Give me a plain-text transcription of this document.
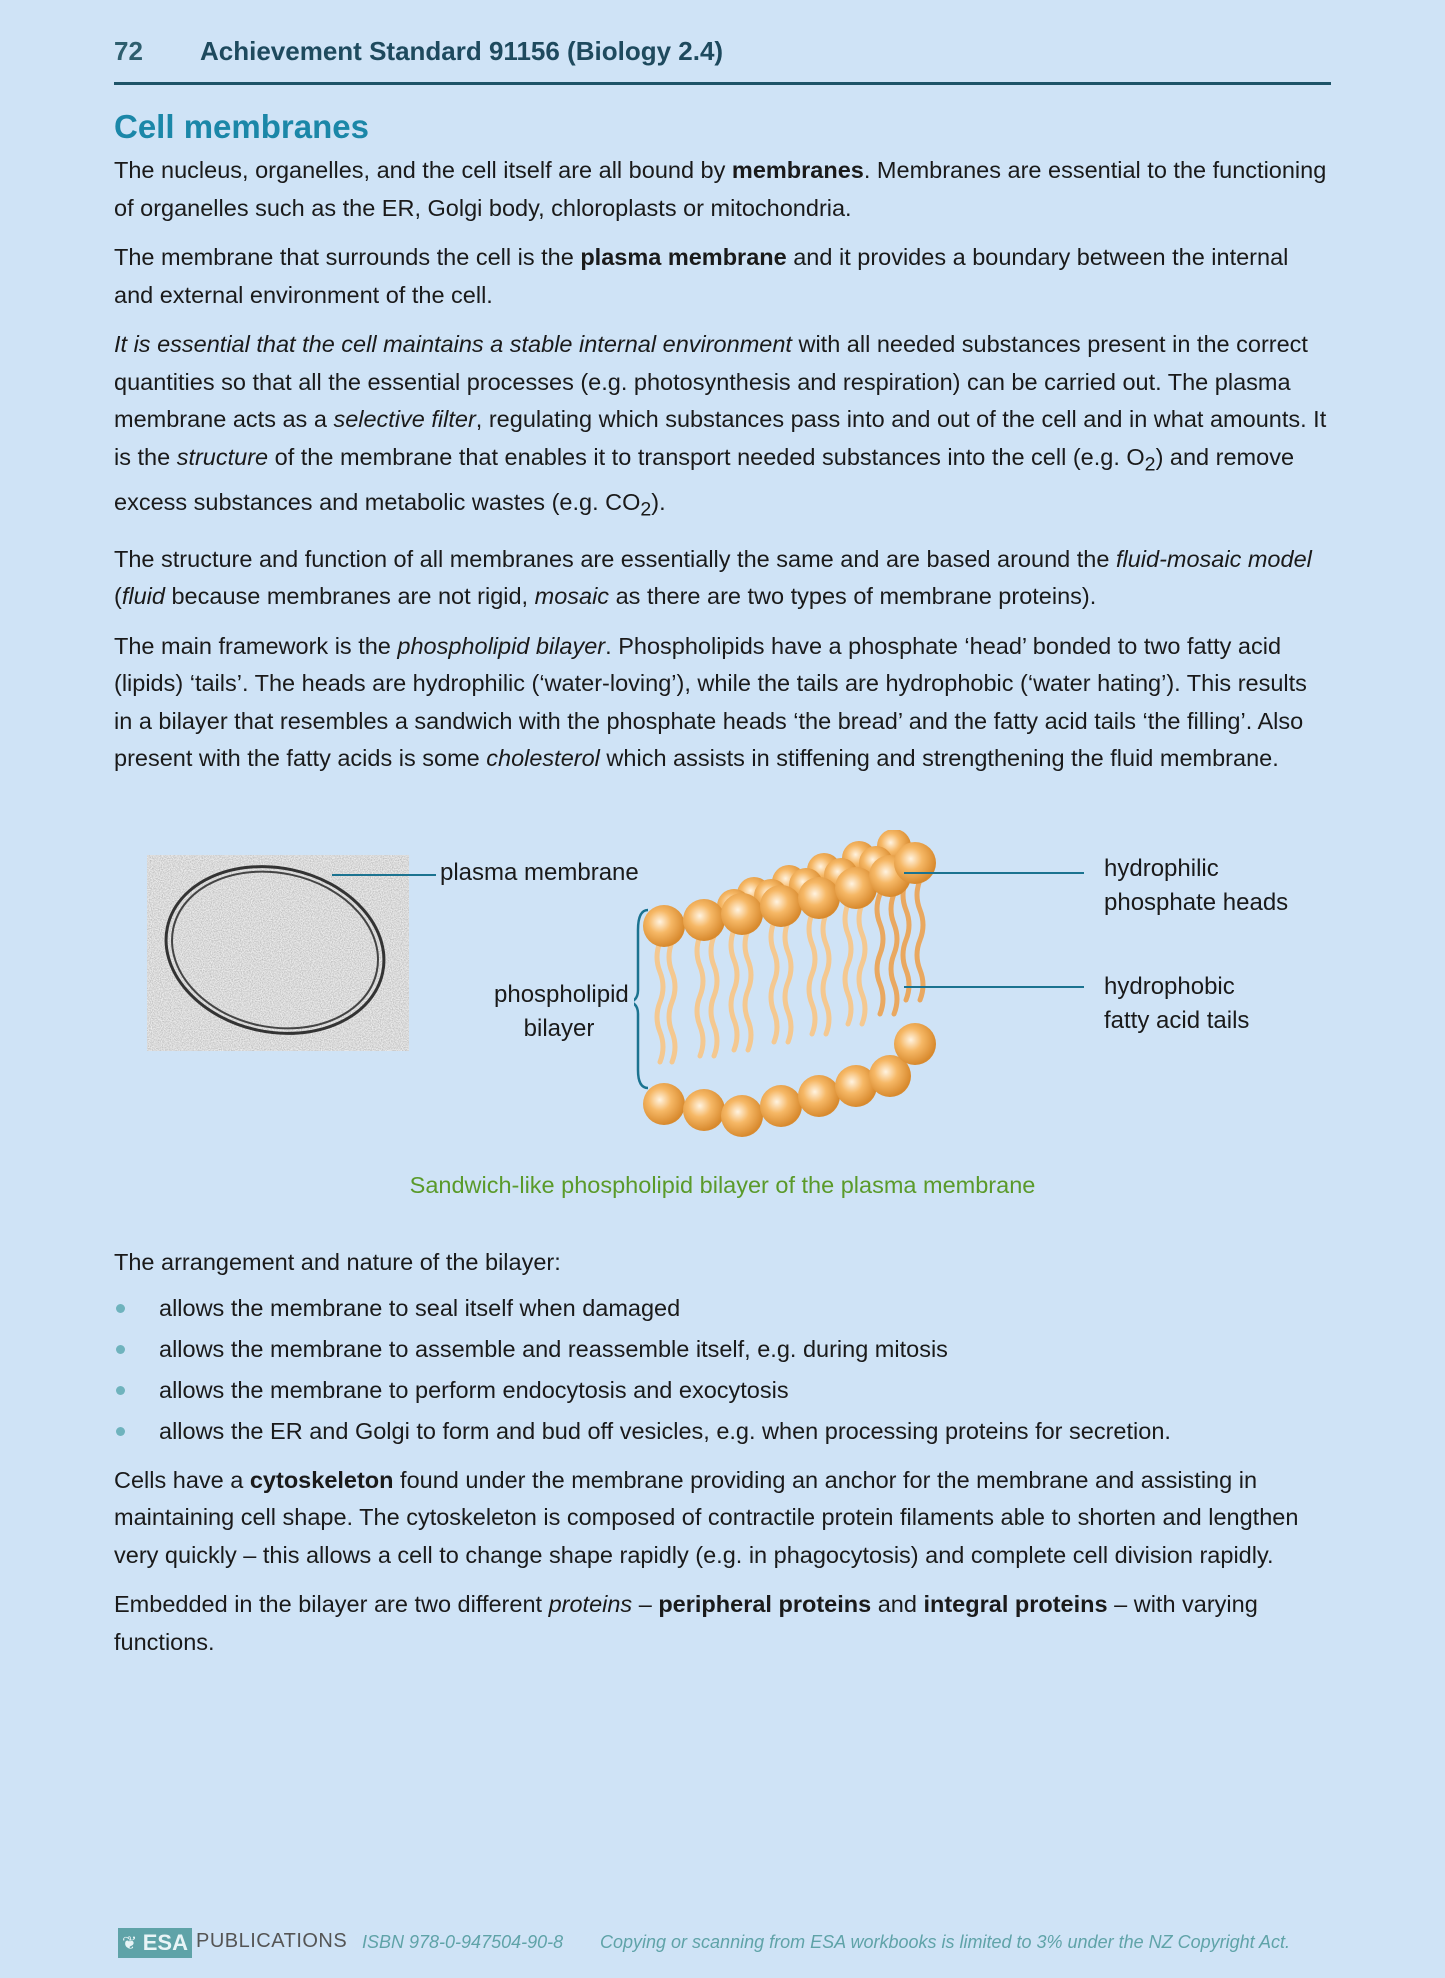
72 Achievement Standard 91156 (Biology 2.4)
Cell membranes

The nucleus, organelles, and the cell itself are all bound by membranes. Membranes are essential to the functioning of organelles such as the ER, Golgi body, chloroplasts or mitochondria.

The membrane that surrounds the cell is the plasma membrane and it provides a boundary between the internal and external environment of the cell.

It is essential that the cell maintains a stable internal environment with all needed substances present in the correct quantities so that all the essential processes (e.g. photosynthesis and respiration) can be carried out. The plasma membrane acts as a selective filter, regulating which substances pass into and out of the cell and in what amounts. It is the structure of the membrane that enables it to transport needed substances into the cell (e.g. $O_2$) and remove excess substances and metabolic wastes (e.g. $CO_2$).

The structure and function of all membranes are essentially the same and are based around the fluid-mosaic model (fluid because membranes are not rigid, mosaic as there are two types of membrane proteins).

The main framework is the phospholipid bilayer. Phospholipids have a phosphate ‘head’ bonded to two fatty acid (lipids) ‘tails’. The heads are hydrophilic (‘water-loving’), while the tails are hydrophobic (‘water hating’). This results in a bilayer that resembles a sandwich with the phosphate heads ‘the bread’ and the fatty acid tails ‘the filling’. Also present with the fatty acids is some cholesterol which assists in stiffening and strengthening the fluid membrane.

plasma membrane
phospholipid
bilayer
hydrophilic
phosphate heads
hydrophobic
fatty acid tails
Sandwich-like phospholipid bilayer of the plasma membrane

The arrangement and nature of the bilayer:

allows the membrane to seal itself when damaged
allows the membrane to assemble and reassemble itself, e.g. during mitosis
allows the membrane to perform endocytosis and exocytosis
allows the ER and Golgi to form and bud off vesicles, e.g. when processing proteins for secretion.

Cells have a cytoskeleton found under the membrane providing an anchor for the membrane and assisting in maintaining cell shape. The cytoskeleton is composed of contractile protein filaments able to shorten and lengthen very quickly – this allows a cell to change shape rapidly (e.g. in phagocytosis) and complete cell division rapidly.

Embedded in the bilayer are two different proteins – peripheral proteins and integral proteins – with varying functions.

❦ ESA PUBLICATIONS ISBN 978-0-947504-90-8 Copying or scanning from ESA workbooks is limited to 3% under the NZ Copyright Act.
